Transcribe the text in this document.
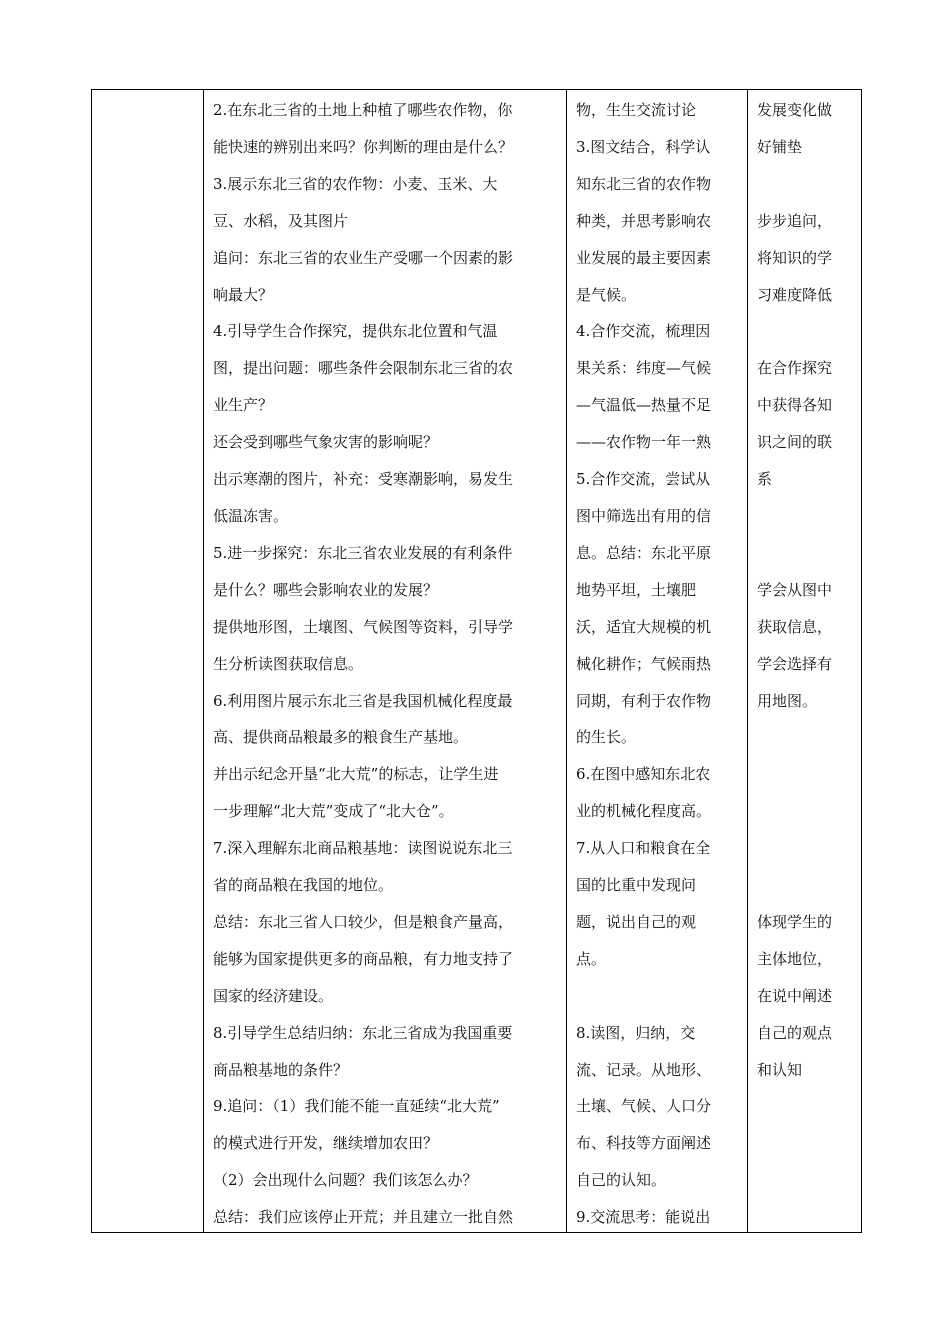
2.在东北三省的土地上种植了哪些农作物，你

能快速的辨别出来吗？你判断的理由是什么？

3.展示东北三省的农作物：小麦、玉米、大

豆、水稻，及其图片

追问：东北三省的农业生产受哪一个因素的影

响最大？

4.引导学生合作探究，提供东北位置和气温

图，提出问题：哪些条件会限制东北三省的农

业生产？

还会受到哪些气象灾害的影响呢？

出示寒潮的图片，补充：受寒潮影响，易发生

低温冻害。

5.进一步探究：东北三省农业发展的有利条件

是什么？哪些会影响农业的发展？

提供地形图，土壤图、气候图等资料，引导学

生分析读图获取信息。

6.利用图片展示东北三省是我国机械化程度最

高、提供商品粮最多的粮食生产基地。

并出示纪念开垦“北大荒”的标志，让学生进

一步理解“北大荒”变成了“北大仓”。

7.深入理解东北商品粮基地：读图说说东北三

省的商品粮在我国的地位。

总结：东北三省人口较少，但是粮食产量高，

能够为国家提供更多的商品粮，有力地支持了

国家的经济建设。

8.引导学生总结归纳：东北三省成为我国重要

商品粮基地的条件？

9.追问：（1）我们能不能一直延续“北大荒”

的模式进行开发，继续增加农田？

（2）会出现什么问题？我们该怎么办？

总结：我们应该停止开荒；并且建立一批自然

物，生生交流讨论

3.图文结合，科学认

知东北三省的农作物

种类，并思考影响农

业发展的最主要因素

是气候。

4.合作交流，梳理因

果关系：纬度—气候

—气温低—热量不足

——农作物一年一熟

5.合作交流，尝试从

图中筛选出有用的信

息。总结：东北平原

地势平坦，土壤肥

沃，适宜大规模的机

械化耕作；气候雨热

同期，有利于农作物

的生长。

6.在图中感知东北农

业的机械化程度高。

7.从人口和粮食在全

国的比重中发现问

题，说出自己的观

点。

8.读图，归纳，交

流、记录。从地形、

土壤、气候、人口分

布、科技等方面阐述

自己的认知。

9.交流思考：能说出

发展变化做

好铺垫

步步追问，

将知识的学

习难度降低

在合作探究

中获得各知

识之间的联

系

学会从图中

获取信息，

学会选择有

用地图。

体现学生的

主体地位，

在说中阐述

自己的观点

和认知
